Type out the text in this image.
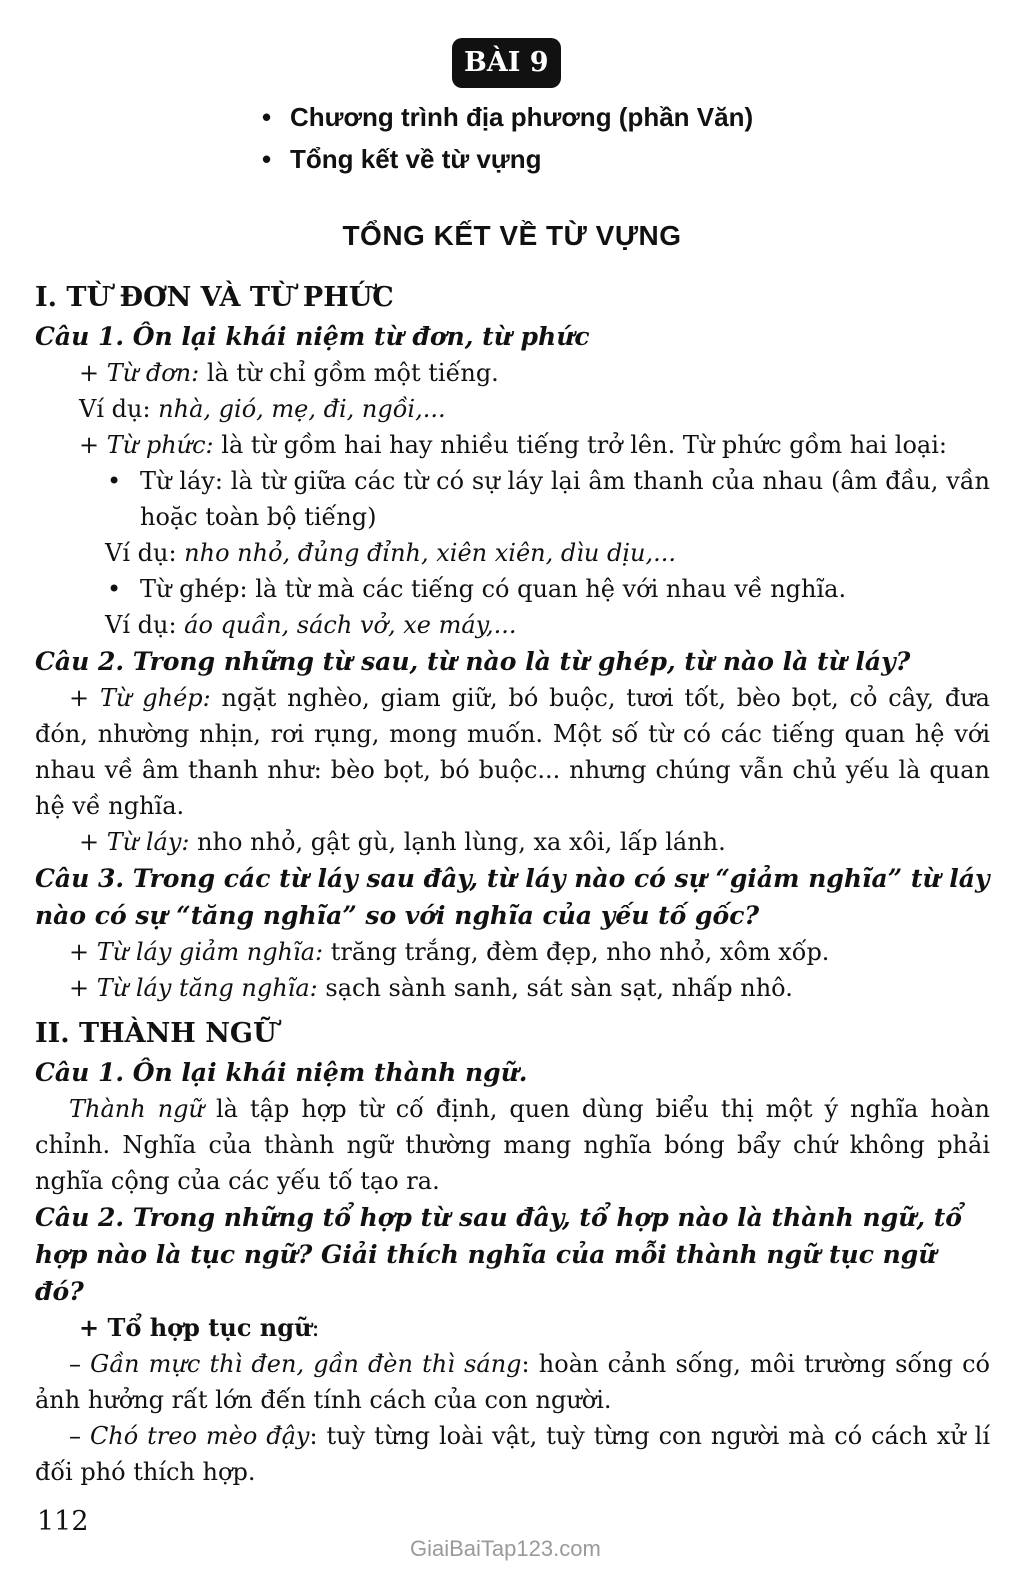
BÀI 9
• Chương trình địa phương (phần Văn)
• Tổng kết về từ vựng
TỔNG KẾT VỀ TỪ VỰNG
I. TỪ ĐƠN VÀ TỪ PHỨC
Câu 1. Ôn lại khái niệm từ đơn, từ phức
+ Từ đơn: là từ chỉ gồm một tiếng.
Ví dụ: nhà, gió, mẹ, đi, ngồi,...
+ Từ phức: là từ gồm hai hay nhiều tiếng trở lên. Từ phức gồm hai loại:
• Từ láy: là từ giữa các từ có sự láy lại âm thanh của nhau (âm đầu, vần hoặc toàn bộ tiếng)
Ví dụ: nho nhỏ, đủng đỉnh, xiên xiên, dìu dịu,...
• Từ ghép: là từ mà các tiếng có quan hệ với nhau về nghĩa.
Ví dụ: áo quần, sách vở, xe máy,...
Câu 2. Trong những từ sau, từ nào là từ ghép, từ nào là từ láy?
+ Từ ghép: ngặt nghèo, giam giữ, bó buộc, tươi tốt, bèo bọt, cỏ cây, đưa đón, nhường nhịn, rơi rụng, mong muốn. Một số từ có các tiếng quan hệ với nhau về âm thanh như: bèo bọt, bó buộc... nhưng chúng vẫn chủ yếu là quan hệ về nghĩa.
+ Từ láy: nho nhỏ, gật gù, lạnh lùng, xa xôi, lấp lánh.
Câu 3. Trong các từ láy sau đây, từ láy nào có sự “giảm nghĩa” từ láy nào có sự “tăng nghĩa” so với nghĩa của yếu tố gốc?
+ Từ láy giảm nghĩa: trăng trắng, đèm đẹp, nho nhỏ, xôm xốp.
+ Từ láy tăng nghĩa: sạch sành sanh, sát sàn sạt, nhấp nhô.
II. THÀNH NGỮ
Câu 1. Ôn lại khái niệm thành ngữ.
Thành ngữ là tập hợp từ cố định, quen dùng biểu thị một ý nghĩa hoàn chỉnh. Nghĩa của thành ngữ thường mang nghĩa bóng bẩy chứ không phải nghĩa cộng của các yếu tố tạo ra.
Câu 2. Trong những tổ hợp từ sau đây, tổ hợp nào là thành ngữ, tổ hợp nào là tục ngữ? Giải thích nghĩa của mỗi thành ngữ tục ngữ đó?
+ Tổ hợp tục ngữ:
– Gần mực thì đen, gần đèn thì sáng: hoàn cảnh sống, môi trường sống có ảnh hưởng rất lớn đến tính cách của con người.
– Chó treo mèo đậy: tuỳ từng loài vật, tuỳ từng con người mà có cách xử lí đối phó thích hợp.
112
GiaiBaiTap123.com
